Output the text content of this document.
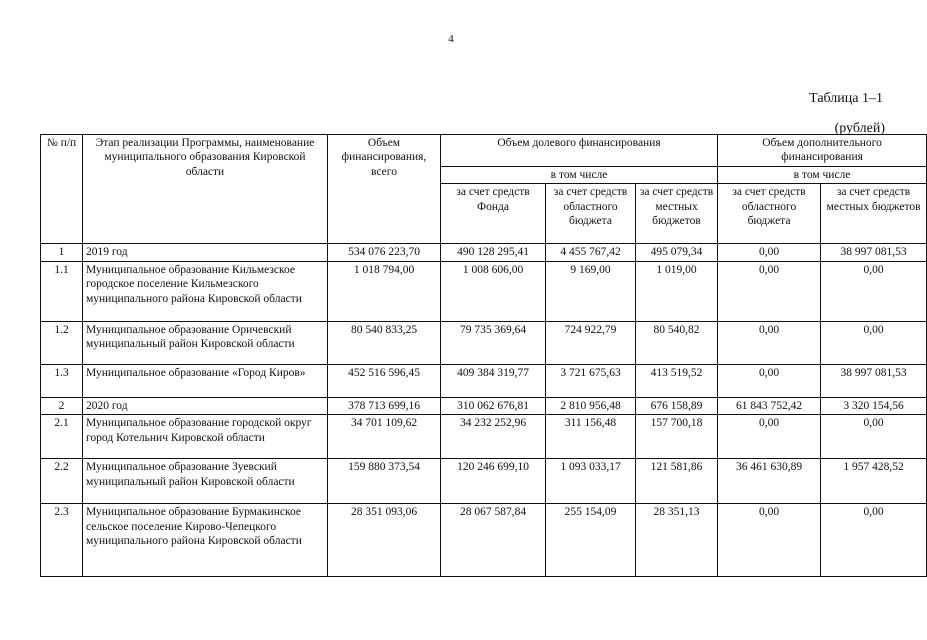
4
Таблица 1–1
(рублей)
№ п/п	Этап реализации Программы, наименование муниципального образования Кировской области	Объем финансирования, всего	Объем долевого финансирования			Объем дополнительного финансирования	
			в том числе			в том числе	
			за счет средств Фонда	за счет средств областного бюджета	за счет средств местных бюджетов	за счет средств областного бюджета	за счет средств местных бюджетов
1	2019 год	534 076 223,70	490 128 295,41	4 455 767,42	495 079,34	0,00	38 997 081,53
1.1	Муниципальное образование Кильмезское городское поселение Кильмезского муниципального района Кировской области	1 018 794,00	1 008 606,00	9 169,00	1 019,00	0,00	0,00
1.2	Муниципальное образование Оричевский муниципальный район Кировской области	80 540 833,25	79 735 369,64	724 922,79	80 540,82	0,00	0,00
1.3	Муниципальное образование «Город Киров»	452 516 596,45	409 384 319,77	3 721 675,63	413 519,52	0,00	38 997 081,53
2	2020 год	378 713 699,16	310 062 676,81	2 810 956,48	676 158,89	61 843 752,42	3 320 154,56
2.1	Муниципальное образование городской округ город Котельнич Кировской области	34 701 109,62	34 232 252,96	311 156,48	157 700,18	0,00	0,00
2.2	Муниципальное образование Зуевский муниципальный район Кировской области	159 880 373,54	120 246 699,10	1 093 033,17	121 581,86	36 461 630,89	1 957 428,52
2.3	Муниципальное образование Бурмакинское сельское поселение Кирово-Чепецкого муниципального района Кировской области	28 351 093,06	28 067 587,84	255 154,09	28 351,13	0,00	0,00
